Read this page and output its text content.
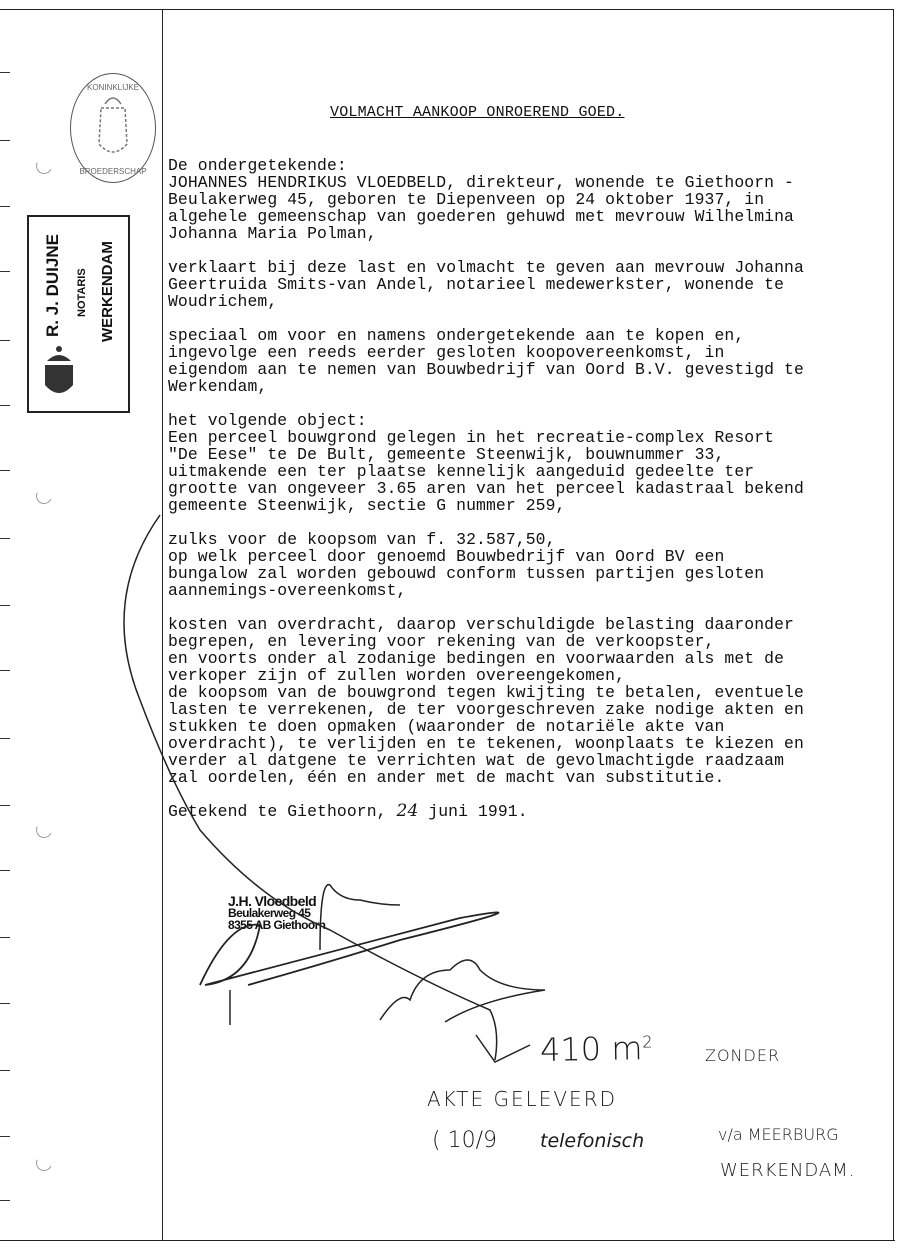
KONINKLIJKE
BROEDERSCHAP
R. J. DUIJNE NOTARIS WERKENDAM
VOLMACHT AANKOOP ONROEREND GOED.
De ondergetekende:
JOHANNES HENDRIKUS VLOEDBELD, direkteur, wonende te Giethoorn -
Beulakerweg 45, geboren te Diepenveen op 24 oktober 1937, in
algehele gemeenschap van goederen gehuwd met mevrouw Wilhelmina
Johanna Maria Polman,

verklaart bij deze last en volmacht te geven aan mevrouw Johanna
Geertruida Smits-van Andel, notarieel medewerkster, wonende te
Woudrichem,

speciaal om voor en namens ondergetekende aan te kopen en,
ingevolge een reeds eerder gesloten koopovereenkomst, in
eigendom aan te nemen van Bouwbedrijf van Oord B.V. gevestigd te
Werkendam,

het volgende object:
Een perceel bouwgrond gelegen in het recreatie-complex Resort
"De Eese" te De Bult, gemeente Steenwijk, bouwnummer 33,
uitmakende een ter plaatse kennelijk aangeduid gedeelte ter
grootte van ongeveer 3.65 aren van het perceel kadastraal bekend
gemeente Steenwijk, sectie G nummer 259,

zulks voor de koopsom van f. 32.587,50,
op welk perceel door genoemd Bouwbedrijf van Oord BV een
bungalow zal worden gebouwd conform tussen partijen gesloten
aannemings-overeenkomst,

kosten van overdracht, daarop verschuldigde belasting daaronder
begrepen, en levering voor rekening van de verkoopster,
en voorts onder al zodanige bedingen en voorwaarden als met de
verkoper zijn of zullen worden overeengekomen,
de koopsom van de bouwgrond tegen kwijting te betalen, eventuele
lasten te verrekenen, de ter voorgeschreven zake nodige akten en
stukken te doen opmaken (waaronder de notariële akte van
overdracht), te verlijden en te tekenen, woonplaats te kiezen en
verder al datgene te verrichten wat de gevolmachtigde raadzaam
zal oordelen, één en ander met de macht van substitutie.

Getekend te Giethoorn, 24 juni 1991.
J.H. Vloedbeld
Beulakerweg 45
8355 AB Giethoorn
410 $m^2$
ZONDER
AKTE GELEVERD
( 10/9 telefonisch	v/a MEERBURG
WERKENDAM.
